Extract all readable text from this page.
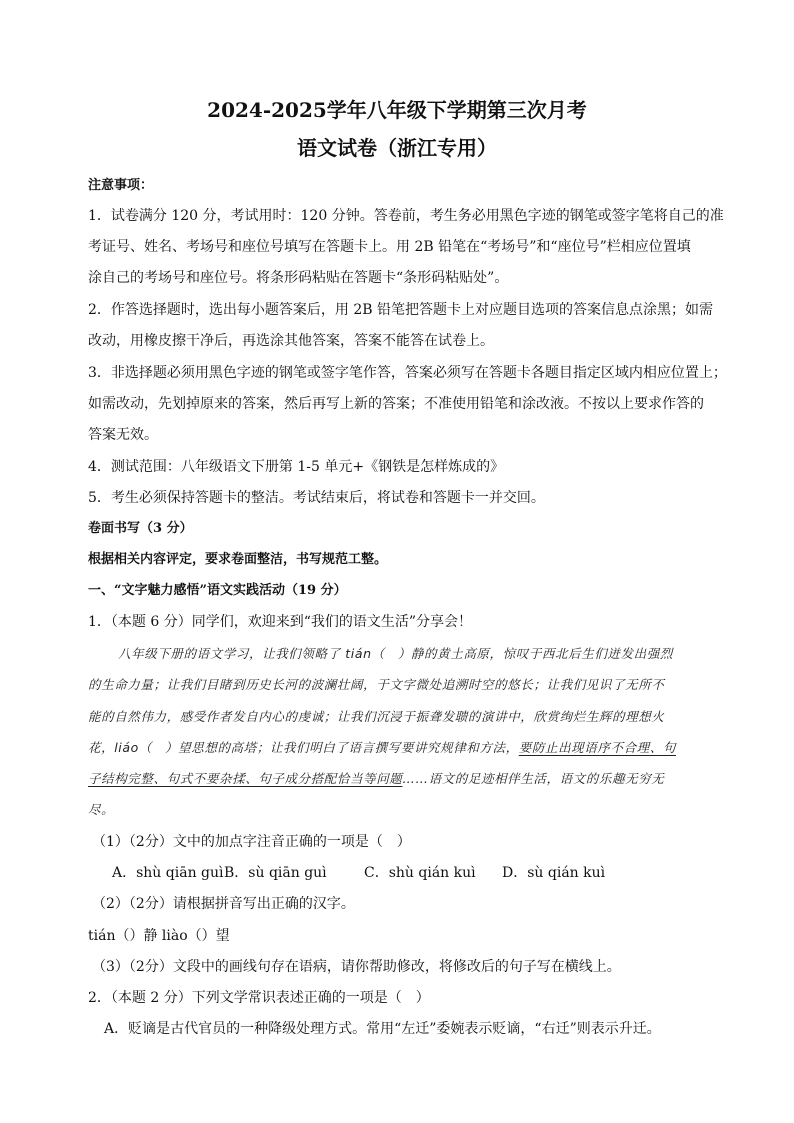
2024-2025学年八年级下学期第三次月考
语文试卷（浙江专用）
注意事项：
1．试卷满分 120 分，考试用时：120 分钟。答卷前，考生务必用黑色字迹的钢笔或签字笔将自己的准
考证号、姓名、考场号和座位号填写在答题卡上。用 2B 铅笔在“考场号”和“座位号”栏相应位置填
涂自己的考场号和座位号。将条形码粘贴在答题卡“条形码粘贴处”。
2．作答选择题时，选出每小题答案后，用 2B 铅笔把答题卡上对应题目选项的答案信息点涂黑；如需
改动，用橡皮擦干净后，再选涂其他答案，答案不能答在试卷上。
3．非选择题必须用黑色字迹的钢笔或签字笔作答，答案必须写在答题卡各题目指定区域内相应位置上；
如需改动，先划掉原来的答案，然后再写上新的答案；不准使用铅笔和涂改液。不按以上要求作答的
答案无效。
4．测试范围：八年级语文下册第 1-5 单元+《钢铁是怎样炼成的》
5．考生必须保持答题卡的整洁。考试结束后，将试卷和答题卡一并交回。
卷面书写（3 分）
根据相关内容评定，要求卷面整洁，书写规范工整。
一、“文字魅力感悟”语文实践活动（19 分）
1．（本题 6 分）同学们，欢迎来到“我们的语文生活”分享会！
八年级下册的语文学习，让我们领略了 tián（　）静的黄土高原，惊叹于西北后生们迸发出强烈
的生命力量；让我们目睹到历史长河的波澜壮阔，于文字微处追溯时空的悠长；让我们见识了无所不
能的自然伟力，感受作者发自内心的虔诚；让我们沉浸于振聋发聩的演讲中，欣赏绚烂生辉的理想火
花，liáo（　）望思想的高塔；让我们明白了语言撰写要讲究规律和方法，要防止出现语序不合理、句
子结构完整、句式不要杂揉、句子成分搭配恰当等问题……语文的足迹相伴生活，语文的乐趣无穷无
尽。
（1）（2分）文中的加点字注音正确的一项是（　）
A．shù qiān guì B．sù qiān guì	C．shù qián kuì D．sù qián kuì
（2）（2分）请根据拼音写出正确的汉字。
tián（）静 liào（）望
（3）（2分）文段中的画线句存在语病，请你帮助修改，将修改后的句子写在横线上。
2．（本题 2 分）下列文学常识表述正确的一项是（　）
A．贬谪是古代官员的一种降级处理方式。常用“左迁”委婉表示贬谪，“右迁”则表示升迁。
